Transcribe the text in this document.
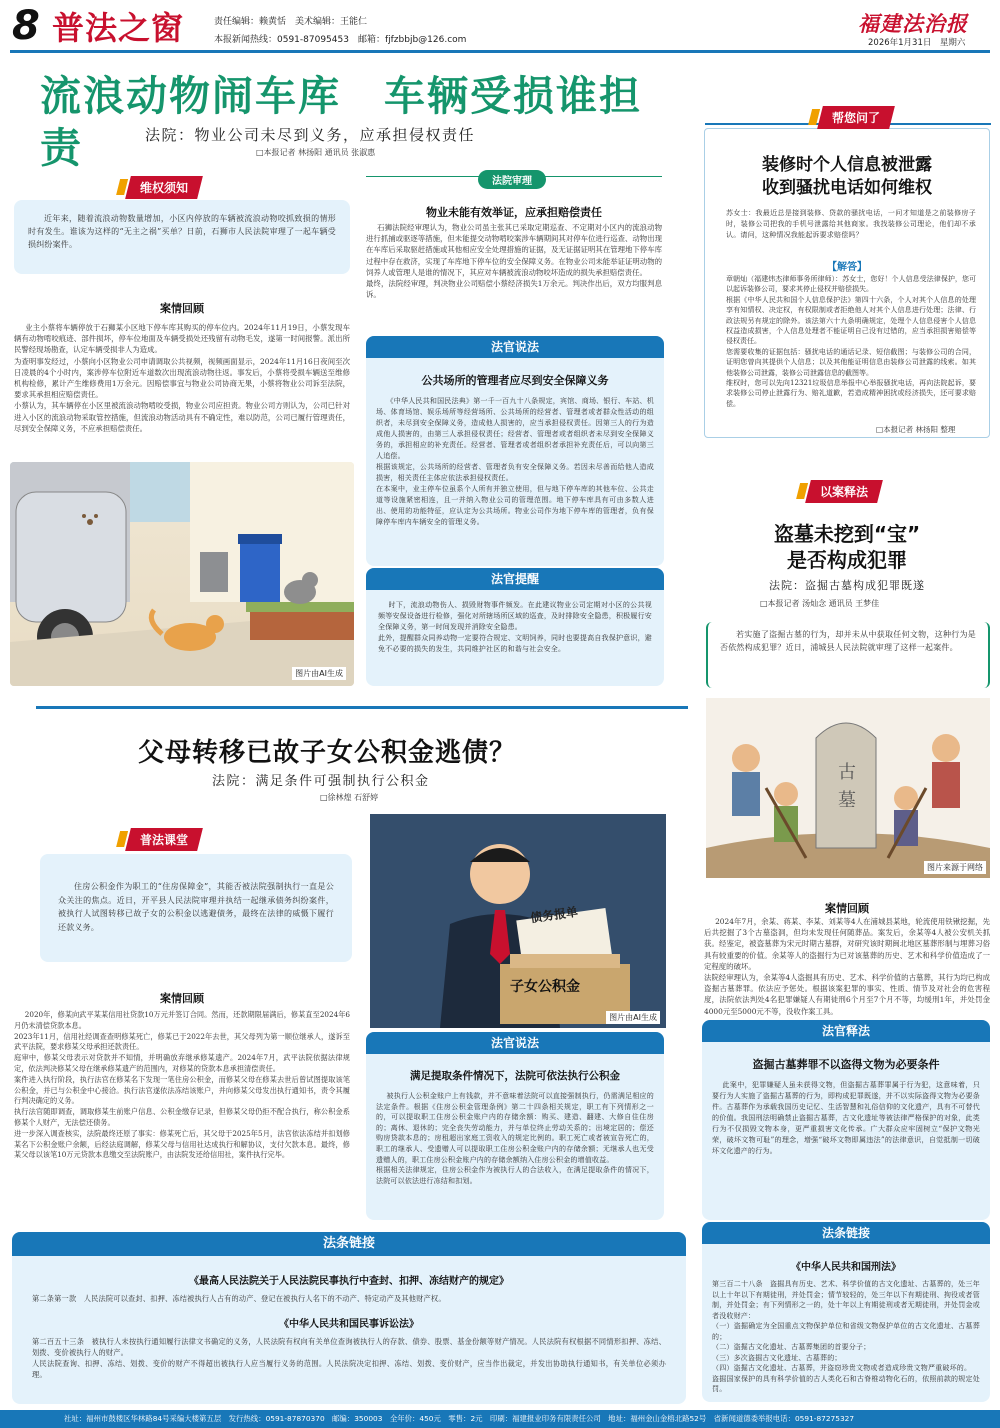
8 普法之窗	责任编辑：赖黄恬　美术编辑：王能仁
本报新闻热线：0591-87095453　邮箱：fjfzbbjb@126.com
福建法治报
2026年1月31日　星期六
流浪动物闹车库　车辆受损谁担责	法院：物业公司未尽到义务，应承担侵权责任
□本报记者 林扬阳 通讯员 张淑惠
维权须知
近年来，随着流浪动物数量增加，小区内停放的车辆被流浪动物咬抓致损的情形时有发生。谁该为这样的“无主之祸”买单？日前，石狮市人民法院审理了一起车辆受损纠纷案件。
案情回顾
业主小蔡将车辆停放于石狮某小区地下停车库其购买的停车位内。2024年11月19日，小蔡发现车辆有动物啃咬痕迹、部件损坏，停车位地面及车辆受损处还残留有动物毛发，遂第一时间报警。派出所民警经现场勘查，认定车辆受损非人为造成。
为查明事发经过，小蔡向小区物业公司申请调取公共视频，视频画面显示，2024年11月16日夜间至次日凌晨的4个小时内，案涉停车位附近车道数次出现流浪动物往返。事发后，小蔡将受损车辆送至维修机构检修，累计产生维修费用1万余元。因赔偿事宜与物业公司协商无果，小蔡将物业公司诉至法院，要求其承担相应赔偿责任。
小蔡认为，其车辆停在小区里被流浪动物啃咬受损，物业公司应担责。物业公司方则认为，公司已针对进入小区的流浪动物采取管控措施，但流浪动物活动具有不确定性，难以防范，公司已履行管理责任，尽到安全保障义务，不应承担赔偿责任。
图片由AI生成
法院审理
物业未能有效举证，应承担赔偿责任
石狮法院经审理认为，物业公司虽主张其已采取定期巡查、不定期对小区内的流浪动物进行抓捕或驱逐等措施，但未能提交动物啃咬案涉车辆期间其对停车位进行巡查、动物出现在车库后采取驱赶措施或其他相应安全处理措施的证据，及无证据证明其在管理地下停车库过程中存在救济，实现了车库地下停车位的安全保障义务。在物业公司未能举证证明动物的饲养人或管理人是谁的情况下，其应对车辆被流浪动物咬坏造成的损失承担赔偿责任。
最终，法院经审理，判决物业公司赔偿小蔡经济损失1万余元。判决作出后，双方均服判息诉。
法官说法
公共场所的管理者应尽到安全保障义务
《中华人民共和国民法典》第一千一百九十八条规定，宾馆、商场、银行、车站、机场、体育场馆、娱乐场所等经营场所、公共场所的经营者、管理者或者群众性活动的组织者，未尽到安全保障义务，造成他人损害的，应当承担侵权责任。因第三人的行为造成他人损害的，由第三人承担侵权责任；经营者、管理者或者组织者未尽到安全保障义务的，承担相应的补充责任。经营者、管理者或者组织者承担补充责任后，可以向第三人追偿。
根据该规定，公共场所的经营者、管理者负有安全保障义务。若因未尽善而给他人造成损害，相关责任主体应依法承担侵权责任。
在本案中，业主停车位虽系个人所有并独立使用，但与地下停车库的其他车位、公共走道等设施紧密相连，且一并纳入物业公司的管理范围。地下停车库具有可由多数人进出、使用的功能特征，应认定为公共场所。物业公司作为地下停车库的管理者，负有保障停车库内车辆安全的管理义务。
法官提醒
时下，流浪动物伤人、损毁财物事件频发。在此建议物业公司定期对小区的公共视频等安保设备进行检修，强化对所辖场所区域的巡查，及时排除安全隐患，积极履行安全保障义务，第一时间发现并消除安全隐患。
此外，提醒群众同养动物一定要符合规定、文明饲养，同时也要提高自我保护意识，避免不必要的损失的发生，共同维护社区的和谐与社会安全。
帮您问了
装修时个人信息被泄露
收到骚扰电话如何维权
苏女士：我最近总是接到装修、贷款的骚扰电话，一问才知道是之前装修房子时，装修公司把我的手机号泄露给其他商家。我找装修公司理论，他们却不承认。请问，这种情况我能起诉要求赔偿吗？
【解答】
章朝灿（福建炜杰律师事务所律师）：苏女士，您好！个人信息受法律保护，您可以起诉装修公司，要求其停止侵权并赔偿损失。
根据《中华人民共和国个人信息保护法》第四十六条，个人对其个人信息的处理享有知情权、决定权，有权限制或者拒绝他人对其个人信息进行处理；法律、行政法规另有规定的除外。该法第六十九条明确规定，处理个人信息侵害个人信息权益造成损害，个人信息处理者不能证明自己没有过错的，应当承担损害赔偿等侵权责任。
您需要收集的证据包括：骚扰电话的通话记录、短信截图；与装修公司的合同，证明您曾向其提供个人信息；以及其他能证明信息由装修公司泄露的线索。如其他装修公司泄露，装修公司泄露信息的截图等。
维权时，您可以先向12321垃圾信息举报中心举报骚扰电话，再向法院起诉，要求装修公司停止泄露行为、赔礼道歉，若造成精神困扰或经济损失，还可要求赔偿。
□本报记者 林扬阳 整理
以案释法
盗墓未挖到“宝”
是否构成犯罪
法院：盗掘古墓构成犯罪既遂
□本报记者 汤灿念 通讯员 王梦佳
若实施了盗掘古墓的行为，却并未从中获取任何文物，这种行为是否依然构成犯罪？近日，浦城县人民法院就审理了这样一起案件。
古
墓
图片来源于网络
案情回顾
2024年7月，余某、蒋某、李某、刘某等4人在浦城县某地，轮流使用铁锹挖掘，先后共挖掘了3个古墓盗洞，但均未发现任何随葬品。案发后，余某等4人被公安机关抓获。经鉴定，被盗墓葬为宋元时期古墓群，对研究该时期闽北地区墓葬形制与埋葬习俗具有较重要的价值。余某等人的盗掘行为已对该墓葬的历史、艺术和科学价值造成了一定程度的破坏。
法院经审理认为，余某等4人盗掘具有历史、艺术、科学价值的古墓葬，其行为均已构成盗掘古墓葬罪。依法应予惩处。根据该案犯罪的事实、性质、情节及对社会的危害程度，法院依法判处4名犯罪嫌疑人有期徒刑6个月至7个月不等，均缓刑1年，并处罚金4000元至5000元不等，没收作案工具。
法官释法
盗掘古墓葬罪不以盗得文物为必要条件
此案中，犯罪嫌疑人虽未获得文物，但盗掘古墓葬罪属于行为犯，这意味着，只要行为人实施了盗掘古墓葬的行为，即构成犯罪既遂，并不以实际盗得文物为必要条件。古墓葬作为承载我国历史记忆、生活智慧和礼俗信仰的文化遗产，具有不可替代的价值。我国刑法明确禁止盗掘古墓葬，古文化遗址等被法律严格保护的对象，此类行为不仅损毁文物本身，更严重损害文化传承。广大群众应牢固树立“保护文物光荣，破坏文物可耻”的理念，增强“破坏文物即属违法”的法律意识，自觉抵制一切破坏文化遗产的行为。
法条链接
《中华人民共和国刑法》
第三百二十八条　盗掘具有历史、艺术、科学价值的古文化遗址、古墓葬的，处三年以上十年以下有期徒刑，并处罚金；情节较轻的，处三年以下有期徒刑、拘役或者管制，并处罚金；有下列情形之一的，处十年以上有期徒刑或者无期徒刑，并处罚金或者没收财产：
（一）盗掘确定为全国重点文物保护单位和省级文物保护单位的古文化遗址、古墓葬的；
（二）盗掘古文化遗址、古墓葬集团的首要分子；
（三）多次盗掘古文化遗址、古墓葬的；
（四）盗掘古文化遗址、古墓葬，并盗窃珍贵文物或者造成珍贵文物严重破坏的。
盗掘国家保护的具有科学价值的古人类化石和古脊椎动物化石的，依照前款的规定处罚。
父母转移已故子女公积金逃债？
法院：满足条件可强制执行公积金
□徐林煌 石舒婷
普法课堂
住房公积金作为职工的“住房保障金”，其能否被法院强制执行一直是公众关注的焦点。近日，开平县人民法院审理并执结一起继承债务纠纷案件，被执行人试图转移已故子女的公积金以逃避债务，最终在法律的威慑下履行还款义务。
债务报单
子女公积金
图片由AI生成
案情回顾
2020年，修某向武平某某信用社贷款10万元并签订合同。然而，还款期限届满后，修某直至2024年6月仍未清偿贷款本息。
2023年11月，信用社经调查查明修某死亡，修某已于2022年去世，其父母列为第一顺位继承人，遂诉至武平法院，要求修某父母承担还款责任。
庭审中，修某父母表示对贷款并不知情，并明确放弃继承修某遗产。2024年7月，武平法院依据法律规定，依法判决修某父母在继承修某遗产的范围内，对修某的贷款本息承担清偿责任。
案件进入执行阶段，执行法官在修某名下发现一笔住房公积金，而修某父母在修某去世后曾试图提取该笔公积金，并已与公积金中心接洽。执行法官遂依法冻结该账户，并向修某父母发出执行通知书，责令其履行判决确定的义务。
执行法官随即调查，调取修某生前账户信息、公积金缴存记录，但修某父母仍拒不配合执行，称公积金系修某个人财产，无法偿还债务。
进一步深入调查核实，法院最终还原了事实：修某死亡后，其父母于2025年5月，法官依法冻结并扣划修某名下公积金账户余额，后经法庭调解，修某父母与信用社达成执行和解协议，支付欠款本息。最终，修某父母以该笔10万元贷款本息缴交至法院账户，由法院发还给信用社，案件执行完毕。
法官说法
满足提取条件情况下，法院可依法执行公积金
被执行人公积金账户上有钱款，并不意味着法院可以直接强制执行，仍需满足相应的法定条件。根据《住房公积金管理条例》第二十四条相关规定，职工有下列情形之一的，可以提取职工住房公积金账户内的存储余额：购买、建造、翻建、大修自住住房的；离休、退休的；完全丧失劳动能力，并与单位终止劳动关系的；出境定居的；偿还购房贷款本息的；房租超出家庭工资收入的规定比例的。职工死亡或者被宣告死亡的，职工的继承人、受遗赠人可以提取职工住房公积金账户内的存储余额；无继承人也无受遗赠人的，职工住房公积金账户内的存储余额纳入住房公积金的增值收益。
根据相关法律规定，住房公积金作为被执行人的合法收入，在满足提取条件的情况下，法院可以依法进行冻结和扣划。
法条链接
《最高人民法院关于人民法院民事执行中查封、扣押、冻结财产的规定》
第二条第一款　人民法院可以查封、扣押、冻结被执行人占有的动产、登记在被执行人名下的不动产、特定动产及其他财产权。
《中华人民共和国民事诉讼法》
第二百五十三条　被执行人未按执行通知履行法律文书确定的义务，人民法院有权向有关单位查询被执行人的存款、债券、股票、基金份额等财产情况。人民法院有权根据不同情形扣押、冻结、划拨、变价被执行人的财产。
人民法院查询、扣押、冻结、划拨、变价的财产不得超出被执行人应当履行义务的范围。人民法院决定扣押、冻结、划拨、变价财产，应当作出裁定，并发出协助执行通知书，有关单位必须办理。
社址：福州市鼓楼区华林路84号采编大楼第五层　发行热线：0591-87870370　邮编：350003　全年价：450元　零售：2元　印刷：福建报业印务有限责任公司　地址：福州金山金榕北路52号　省新闻道德委举报电话：0591-87275327
